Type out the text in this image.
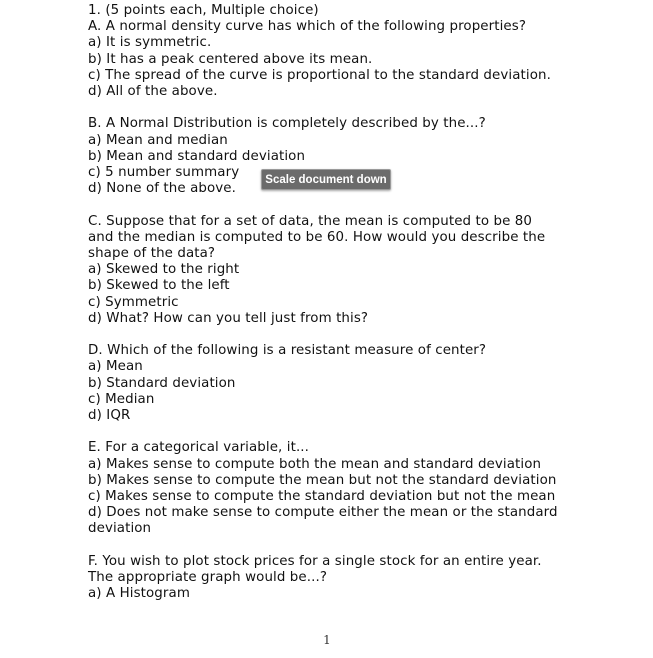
1. (5 points each, Multiple choice)
A. A normal density curve has which of the following properties?
a) It is symmetric.
b) It has a peak centered above its mean.
c) The spread of the curve is proportional to the standard deviation.
d) All of the above.
B. A Normal Distribution is completely described by the...?
a) Mean and median
b) Mean and standard deviation
c) 5 number summary
d) None of the above.
C. Suppose that for a set of data, the mean is computed to be 80 and the median is computed to be 60. How would you describe the shape of the data?
a) Skewed to the right
b) Skewed to the left
c) Symmetric
d) What? How can you tell just from this?
D. Which of the following is a resistant measure of center?
a) Mean
b) Standard deviation
c) Median
d) IQR
E. For a categorical variable, it...
a) Makes sense to compute both the mean and standard deviation
b) Makes sense to compute the mean but not the standard deviation
c) Makes sense to compute the standard deviation but not the mean
d) Does not make sense to compute either the mean or the standard deviation
F. You wish to plot stock prices for a single stock for an entire year. The appropriate graph would be...?
a) A Histogram
1
Scale document down
